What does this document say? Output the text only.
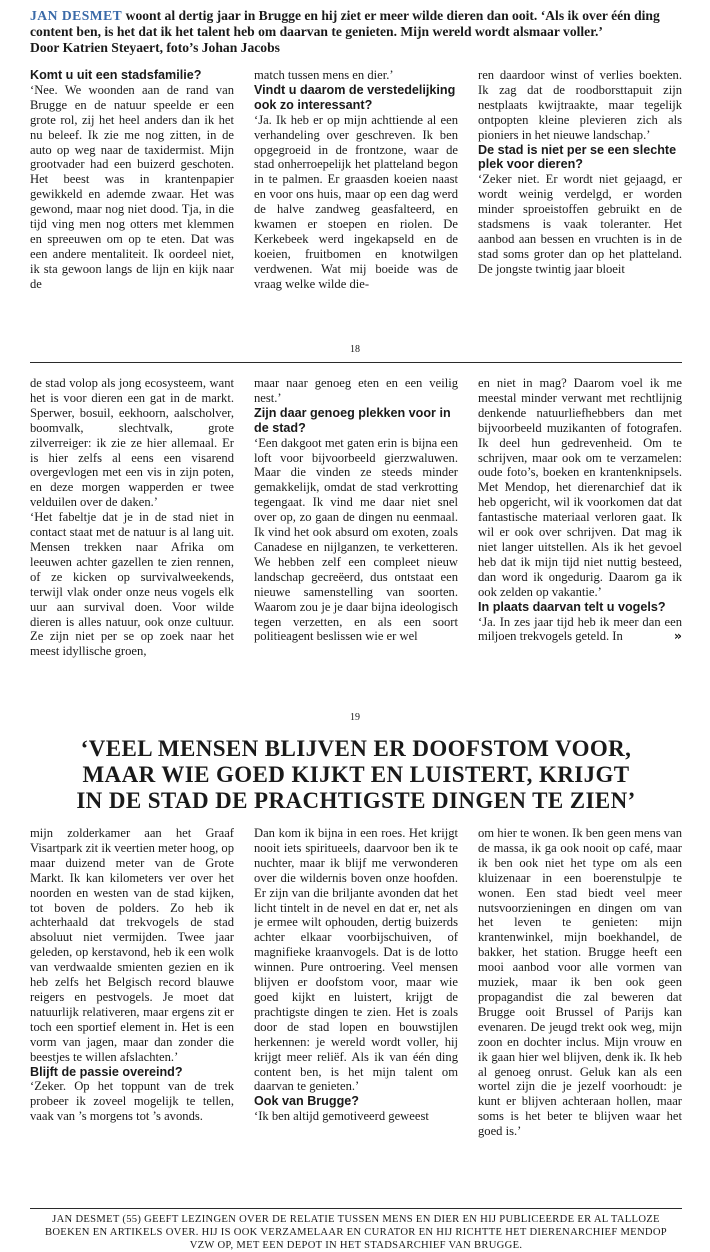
JAN DESMET woont al dertig jaar in Brugge en hij ziet er meer wilde dieren dan ooit. ‘Als ik over één ding content ben, is het dat ik het talent heb om daarvan te genieten. Mijn wereld wordt alsmaar voller.’
Door Katrien Steyaert, foto’s Johan Jacobs
Komt u uit een stadsfamilie?

‘Nee. We woonden aan de rand van Brugge en de natuur speelde er een grote rol, zij het heel anders dan ik het nu beleef. Ik zie me nog zitten, in de auto op weg naar de taxidermist. Mijn grootvader had een buizerd geschoten. Het beest was in krantenpapier gewikkeld en ademde zwaar. Het was gewond, maar nog niet dood. Tja, in die tijd ving men nog otters met klemmen en spreeuwen om op te eten. Dat was een andere mentaliteit. Ik oordeel niet, ik sta gewoon langs de lijn en kijk naar de

match tussen mens en dier.’

Vindt u daarom de verstedelijking ook zo interessant?

‘Ja. Ik heb er op mijn achttiende al een verhandeling over geschreven. Ik ben opgegroeid in de frontzone, waar de stad onherroepelijk het platteland begon in te palmen. Er graasden koeien naast en voor ons huis, maar op een dag werd de halve zandweg geasfalteerd, en kwamen er stoepen en riolen. De Kerkebeek werd ingekapseld en de koeien, fruitbomen en knotwilgen verdwenen. Wat mij boeide was de vraag welke wilde die-

ren daardoor winst of verlies boekten. Ik zag dat de roodborsttapuit zijn nestplaats kwijtraakte, maar tegelijk ontpopten kleine plevieren zich als pioniers in het nieuwe landschap.’

De stad is niet per se een slechte plek voor dieren?

‘Zeker niet. Er wordt niet gejaagd, er wordt weinig verdelgd, er worden minder sproeistoffen gebruikt en de stadsmens is vaak toleranter. Het aanbod aan bessen en vruchten is in de stad soms groter dan op het platteland. De jongste twintig jaar bloeit

18

de stad volop als jong ecosysteem, want het is voor dieren een gat in de markt. Sperwer, bosuil, eekhoorn, aalscholver, boomvalk, slechtvalk, grote zilverreiger: ik zie ze hier allemaal. Er is hier zelfs al eens een visarend overgevlogen met een vis in zijn poten, en deze morgen wapperden er twee velduilen over de daken.’

‘Het fabeltje dat je in de stad niet in contact staat met de natuur is al lang uit. Mensen trekken naar Afrika om leeuwen achter gazellen te zien rennen, of ze kicken op survivalweekends, terwijl vlak onder onze neus vogels elk uur aan survival doen. Voor wilde dieren is alles natuur, ook onze cultuur. Ze zijn niet per se op zoek naar het meest idyllische groen,

maar naar genoeg eten en een veilig nest.’

Zijn daar genoeg plekken voor in de stad?

‘Een dakgoot met gaten erin is bijna een loft voor bijvoorbeeld gierzwaluwen. Maar die vinden ze steeds minder gemakkelijk, omdat de stad verkrotting tegengaat. Ik vind me daar niet snel over op, zo gaan de dingen nu eenmaal. Ik vind het ook absurd om exoten, zoals Canadese en nijlganzen, te verketteren. We hebben zelf een compleet nieuw landschap gecreëerd, dus ontstaat een nieuwe samenstelling van soorten. Waarom zou je je daar bijna ideologisch tegen verzetten, en als een soort politieagent beslissen wie er wel

en niet in mag? Daarom voel ik me meestal minder verwant met rechtlijnig denkende natuurliefhebbers dan met bijvoorbeeld muzikanten of fotografen. Ik deel hun gedrevenheid. Om te schrijven, maar ook om te verzamelen: oude foto’s, boeken en krantenknipsels. Met Mendop, het dierenarchief dat ik heb opgericht, wil ik voorkomen dat dat fantastische materiaal verloren gaat. Ik wil er ook over schrijven. Dat mag ik niet langer uitstellen. Als ik het gevoel heb dat ik mijn tijd niet nuttig besteed, dan word ik ongedurig. Daarom ga ik ook zelden op vakantie.’

In plaats daarvan telt u vogels?

‘Ja. In zes jaar tijd heb ik meer dan een miljoen trekvogels geteld. In	»
19
‘VEEL MENSEN BLIJVEN ER DOOFSTOM VOOR,
MAAR WIE GOED KIJKT EN LUISTERT, KRIJGT
IN DE STAD DE PRACHTIGSTE DINGEN TE ZIEN’

mijn zolderkamer aan het Graaf Visartpark zit ik veertien meter hoog, op maar duizend meter van de Grote Markt. Ik kan kilometers ver over het noorden en westen van de stad kijken, tot boven de polders. Zo heb ik achterhaald dat trekvogels de stad absoluut niet vermijden. Twee jaar geleden, op kerstavond, heb ik een wolk van verdwaalde smienten gezien en ik heb zelfs het Belgisch record blauwe reigers en pestvogels. Je moet dat natuurlijk relativeren, maar ergens zit er toch een sportief element in. Het is een vorm van jagen, maar dan zonder die beestjes te willen afslachten.’

Blijft de passie overeind?

‘Zeker. Op het toppunt van de trek probeer ik zoveel mogelijk te tellen, vaak van ’s morgens tot ’s avonds.

Dan kom ik bijna in een roes. Het krijgt nooit iets spiritueels, daarvoor ben ik te nuchter, maar ik blijf me verwonderen over die wildernis boven onze hoofden. Er zijn van die briljante avonden dat het licht tintelt in de nevel en dat er, net als je ermee wilt ophouden, dertig buizerds achter elkaar voorbijschuiven, of magnifieke kraanvogels. Dat is de lotto winnen. Pure ontroering. Veel mensen blijven er doofstom voor, maar wie goed kijkt en luistert, krijgt de prachtigste dingen te zien. Het is zoals door de stad lopen en bouwstijlen herkennen: je wereld wordt voller, hij krijgt meer reliëf. Als ik van één ding content ben, is het mijn talent om daarvan te genieten.’

Ook van Brugge?

‘Ik ben altijd gemotiveerd geweest

om hier te wonen. Ik ben geen mens van de massa, ik ga ook nooit op café, maar ik ben ook niet het type om als een kluizenaar in een boerenstulpje te wonen. Een stad biedt veel meer nutsvoorzieningen en dingen om van het leven te genieten: mijn krantenwinkel, mijn boekhandel, de bakker, het station. Brugge heeft een mooi aanbod voor alle vormen van muziek, maar ik ben ook geen propagandist die zal beweren dat Brugge ooit Brussel of Parijs kan evenaren. De jeugd trekt ook weg, mijn zoon en dochter inclus. Mijn vrouw en ik gaan hier wel blijven, denk ik. Ik heb al genoeg onrust. Geluk kan als een wortel zijn die je jezelf voorhoudt: je kunt er blijven achteraan hollen, maar soms is het beter te blijven waar het goed is.’

JAN DESMET (55) GEEFT LEZINGEN OVER DE RELATIE TUSSEN MENS EN DIER EN HIJ PUBLICEERDE ER AL TALLOZE BOEKEN EN ARTIKELS OVER. HIJ IS OOK VERZAMELAAR EN CURATOR EN HIJ RICHTTE HET DIERENARCHIEF MENDOP VZW OP, MET EEN DEPOT IN HET STADSARCHIEF VAN BRUGGE.
